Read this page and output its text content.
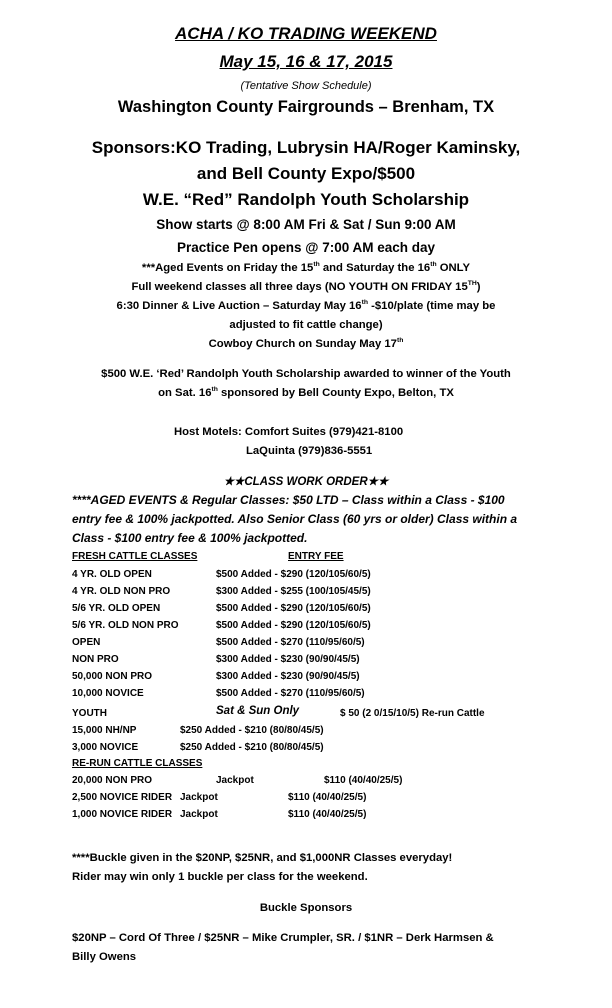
ACHA / KO TRADING WEEKEND
May 15, 16 & 17, 2015
(Tentative Show Schedule)
Washington County Fairgrounds – Brenham, TX
Sponsors:KO Trading, Lubrysin HA/Roger Kaminsky,
and Bell County Expo/$500
W.E. “Red” Randolph Youth Scholarship
Show starts @ 8:00 AM Fri & Sat / Sun 9:00 AM
Practice Pen opens @ 7:00 AM each day
***Aged Events on Friday the 15th and Saturday the 16th ONLY
Full weekend classes all three days (NO YOUTH ON FRIDAY 15TH)
6:30 Dinner & Live Auction – Saturday May 16th -$10/plate (time may be
adjusted to fit cattle change)
Cowboy Church on Sunday May 17th
$500 W.E. ‘Red’ Randolph Youth Scholarship awarded to winner of the Youth
on Sat. 16th sponsored by Bell County Expo, Belton, TX
Host Motels: Comfort Suites (979)421-8100
LaQuinta (979)836-5551
★★CLASS WORK ORDER★★
****AGED EVENTS & Regular Classes: $50 LTD – Class within a Class - $100
entry fee & 100% jackpotted. Also Senior Class (60 yrs or older) Class within a
Class - $100 entry fee & 100% jackpotted.
FRESH CATTLE CLASSES	ENTRY FEE
4 YR. OLD OPEN	$500 Added - $290 (120/105/60/5)
4 YR. OLD NON PRO	$300 Added - $255 (100/105/45/5)
5/6 YR. OLD OPEN	$500 Added - $290 (120/105/60/5)
5/6 YR. OLD NON PRO	$500 Added - $290 (120/105/60/5)
OPEN	$500 Added - $270 (110/95/60/5)
NON PRO	$300 Added - $230 (90/90/45/5)
50,000 NON PRO	$300 Added - $230 (90/90/45/5)
10,000 NOVICE	$500 Added - $270 (110/95/60/5)
YOUTH	Sat & Sun Only	$ 50 (2 0/15/10/5) Re-run Cattle
15,000 NH/NP	$250 Added - $210 (80/80/45/5)
3,000 NOVICE	$250 Added - $210 (80/80/45/5)
RE-RUN CATTLE CLASSES
20,000 NON PRO	Jackpot	$110 (40/40/25/5)
2,500 NOVICE RIDER Jackpot	$110 (40/40/25/5)
1,000 NOVICE RIDER Jackpot	$110 (40/40/25/5)
****Buckle given in the $20NP, $25NR, and $1,000NR Classes everyday!
Rider may win only 1 buckle per class for the weekend.
Buckle Sponsors
$20NP – Cord Of Three / $25NR – Mike Crumpler, SR. / $1NR – Derk Harmsen &
Billy Owens
